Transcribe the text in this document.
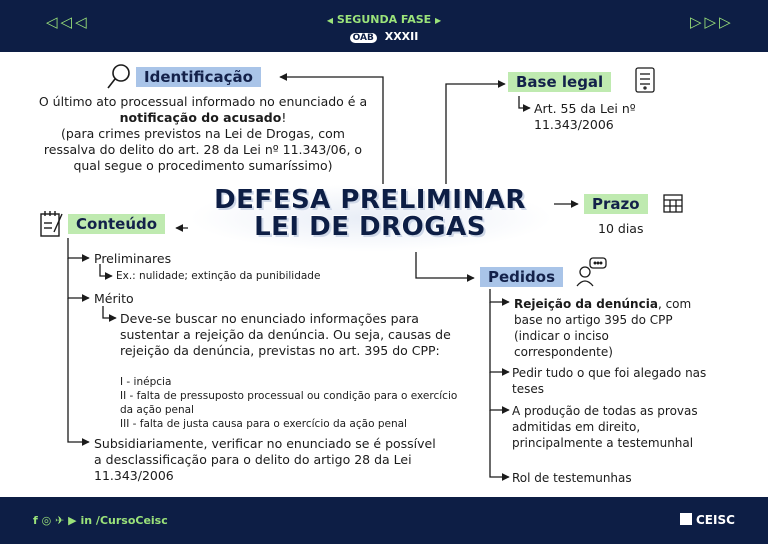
◁◁◁	▷▷▷
◀ SEGUNDA FASE ▶
OAB XXXII
Identificação
O último ato processual informado no enunciado é a notificação do acusado!
(para crimes previstos na Lei de Drogas, com ressalva do delito do art. 28 da Lei nº 11.343/06, o qual segue o procedimento sumaríssimo)
Base legal
Art. 55 da Lei nº 11.343/2006
DEFESA PRELIMINAR
LEI DE DROGAS
Prazo
10 dias
Conteúdo
Preliminares
Ex.: nulidade; extinção da punibilidade
Mérito
Deve-se buscar no enunciado informações para sustentar a rejeição da denúncia. Ou seja, causas de rejeição da denúncia, previstas no art. 395 do CPP:
I - inépcia
II - falta de pressuposto processual ou condição para o exercício da ação penal
III - falta de justa causa para o exercício da ação penal
Subsidiariamente, verificar no enunciado se é possível a desclassificação para o delito do artigo 28 da Lei 11.343/2006
Pedidos
Rejeição da denúncia, com base no artigo 395 do CPP (indicar o inciso correspondente)
Pedir tudo o que foi alegado nas teses
A produção de todas as provas admitidas em direito, principalmente a testemunhal
Rol de testemunhas
f ◎ ✈ ▶ in /CursoCeisc	CEISC
